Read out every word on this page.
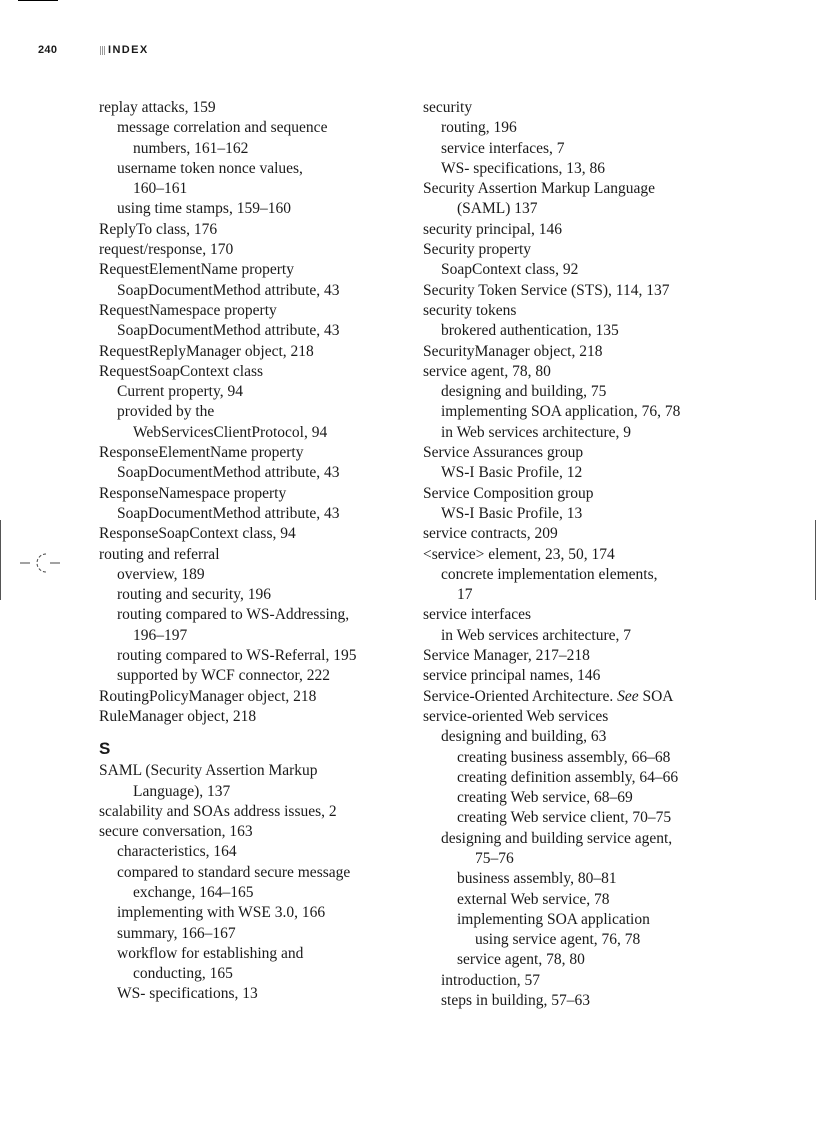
240	INDEX
replay attacks, 159
message correlation and sequence
numbers, 161–162
username token nonce values,
160–161
using time stamps, 159–160
ReplyTo class, 176
request/response, 170
RequestElementName property
SoapDocumentMethod attribute, 43
RequestNamespace property
SoapDocumentMethod attribute, 43
RequestReplyManager object, 218
RequestSoapContext class
Current property, 94
provided by the
WebServicesClientProtocol, 94
ResponseElementName property
SoapDocumentMethod attribute, 43
ResponseNamespace property
SoapDocumentMethod attribute, 43
ResponseSoapContext class, 94
routing and referral
overview, 189
routing and security, 196
routing compared to WS-Addressing,
196–197
routing compared to WS-Referral, 195
supported by WCF connector, 222
RoutingPolicyManager object, 218
RuleManager object, 218
S
SAML (Security Assertion Markup
Language), 137
scalability and SOAs address issues, 2
secure conversation, 163
characteristics, 164
compared to standard secure message
exchange, 164–165
implementing with WSE 3.0, 166
summary, 166–167
workflow for establishing and
conducting, 165
WS- specifications, 13
security
routing, 196
service interfaces, 7
WS- specifications, 13, 86
Security Assertion Markup Language
(SAML) 137
security principal, 146
Security property
SoapContext class, 92
Security Token Service (STS), 114, 137
security tokens
brokered authentication, 135
SecurityManager object, 218
service agent, 78, 80
designing and building, 75
implementing SOA application, 76, 78
in Web services architecture, 9
Service Assurances group
WS-I Basic Profile, 12
Service Composition group
WS-I Basic Profile, 13
service contracts, 209
<service> element, 23, 50, 174
concrete implementation elements,
17
service interfaces
in Web services architecture, 7
Service Manager, 217–218
service principal names, 146
Service-Oriented Architecture. See SOA
service-oriented Web services
designing and building, 63
creating business assembly, 66–68
creating definition assembly, 64–66
creating Web service, 68–69
creating Web service client, 70–75
designing and building service agent,
75–76
business assembly, 80–81
external Web service, 78
implementing SOA application
using service agent, 76, 78
service agent, 78, 80
introduction, 57
steps in building, 57–63
